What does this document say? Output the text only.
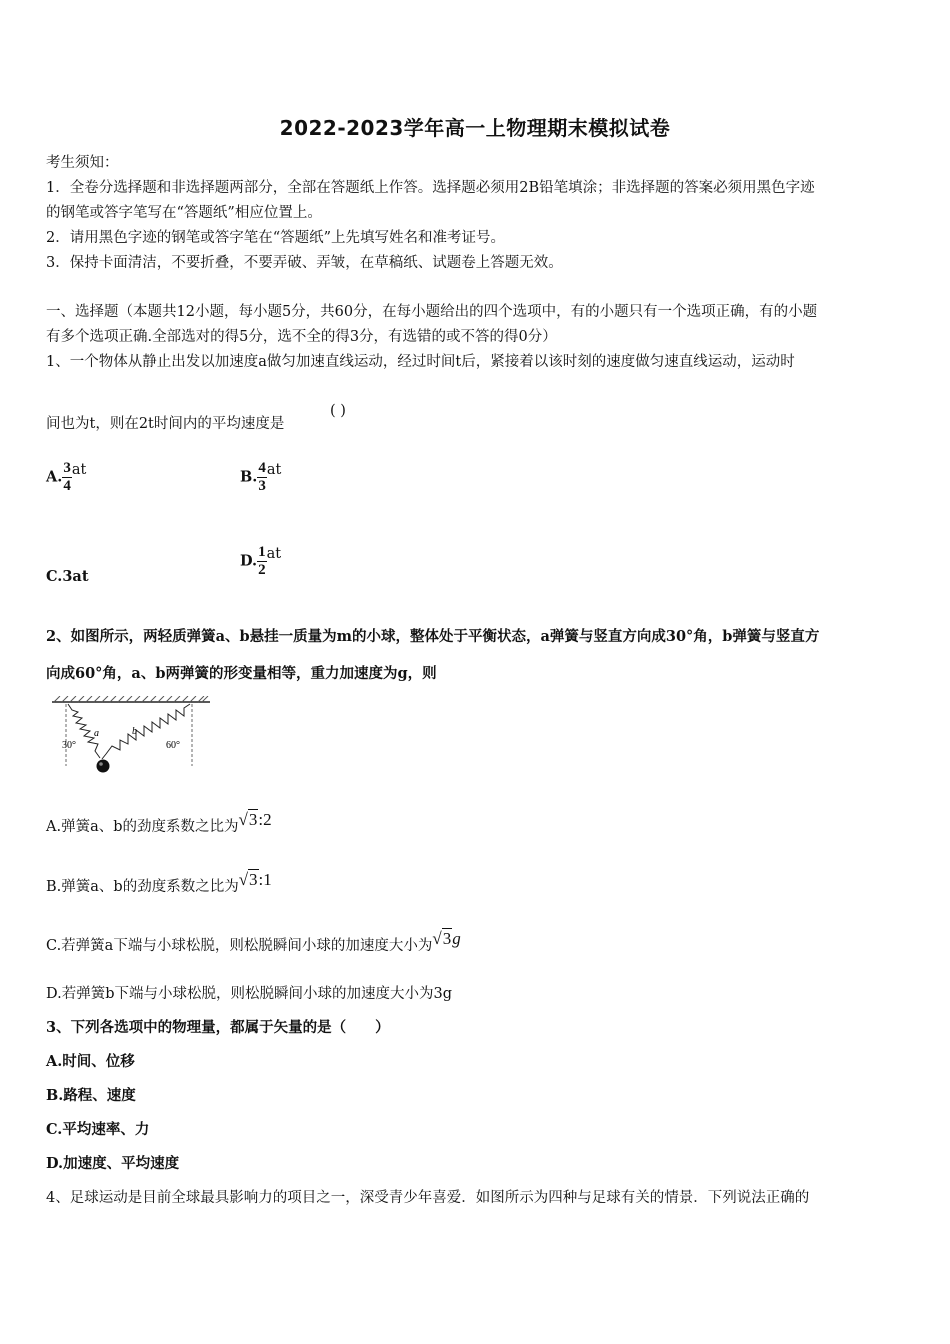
2022-2023学年高一上物理期末模拟试卷
考生须知：
1．全卷分选择题和非选择题两部分，全部在答题纸上作答。选择题必须用2B铅笔填涂；非选择题的答案必须用黑色字迹
的钢笔或答字笔写在“答题纸”相应位置上。
2．请用黑色字迹的钢笔或答字笔在“答题纸”上先填写姓名和准考证号。
3．保持卡面清洁，不要折叠，不要弄破、弄皱，在草稿纸、试题卷上答题无效。
一、选择题（本题共12小题，每小题5分，共60分，在每小题给出的四个选项中，有的小题只有一个选项正确，有的小题
有多个选项正确.全部选对的得5分，选不全的得3分，有选错的或不答的得0分）
1、一个物体从静止出发以加速度a做匀加速直线运动，经过时间t后，紧接着以该时刻的速度做匀速直线运动，运动时
间也为t，则在2t时间内的平均速度是
( )
A. $\frac{3}{4}$ at	B. $\frac{4}{3}$ at
C.3at
D. $\frac{1}{2}$ at
2、如图所示，两轻质弹簧a、b悬挂一质量为m的小球，整体处于平衡状态，a弹簧与竖直方向成30°角，b弹簧与竖直方
向成60°角，a、b两弹簧的形变量相等，重力加速度为g，则
30°
a	b
60°
A.弹簧a、b的劲度系数之比为√3:2
B.弹簧a、b的劲度系数之比为√3:1
C.若弹簧a下端与小球松脱，则松脱瞬间小球的加速度大小为√3g
D.若弹簧b下端与小球松脱，则松脱瞬间小球的加速度大小为3g
3、下列各选项中的物理量，都属于矢量的是（　　）
A.时间、位移
B.路程、速度
C.平均速率、力
D.加速度、平均速度
4、足球运动是目前全球最具影响力的项目之一，深受青少年喜爱．如图所示为四种与足球有关的情景．下列说法正确的
